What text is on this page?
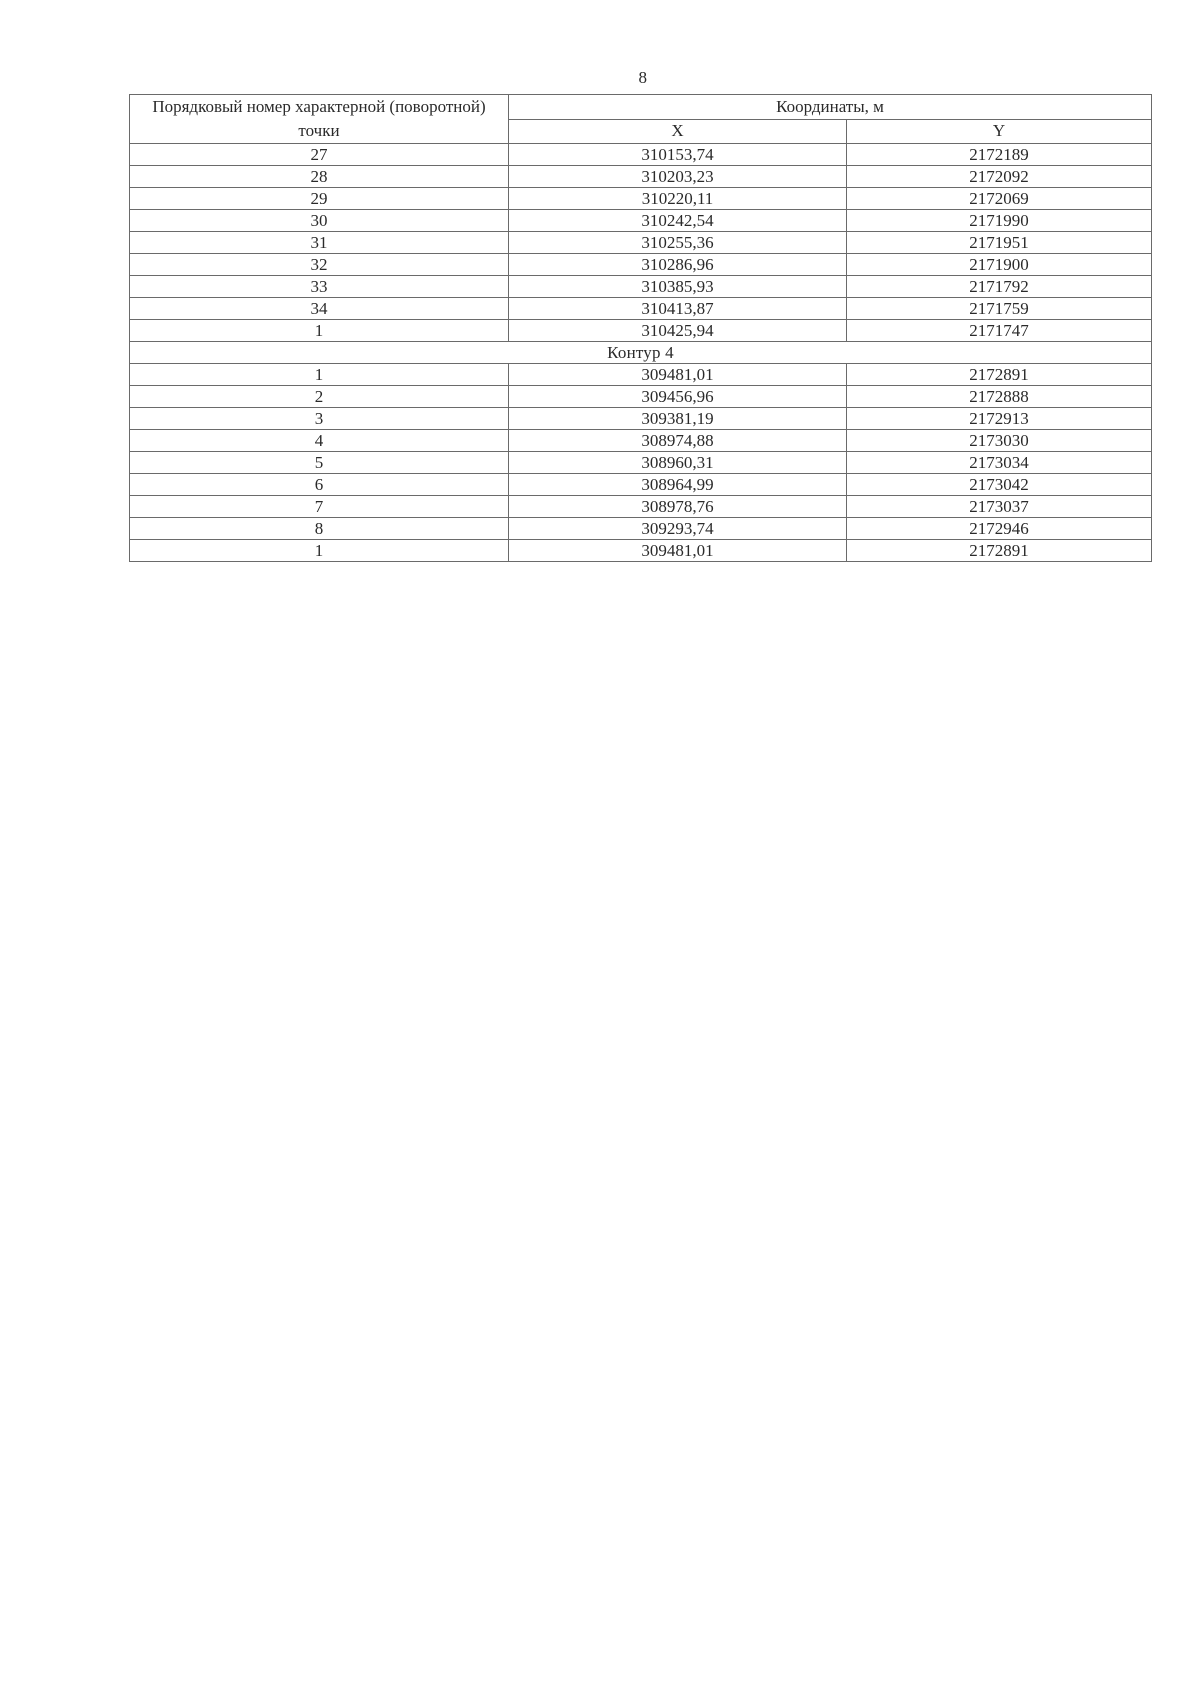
8
Порядковый номер характерной (поворотной) точки	Координаты, м	
	X	Y
27	310153,74	2172189
28	310203,23	2172092
29	310220,11	2172069
30	310242,54	2171990
31	310255,36	2171951
32	310286,96	2171900
33	310385,93	2171792
34	310413,87	2171759
1	310425,94	2171747
Контур 4		
1	309481,01	2172891
2	309456,96	2172888
3	309381,19	2172913
4	308974,88	2173030
5	308960,31	2173034
6	308964,99	2173042
7	308978,76	2173037
8	309293,74	2172946
1	309481,01	2172891
